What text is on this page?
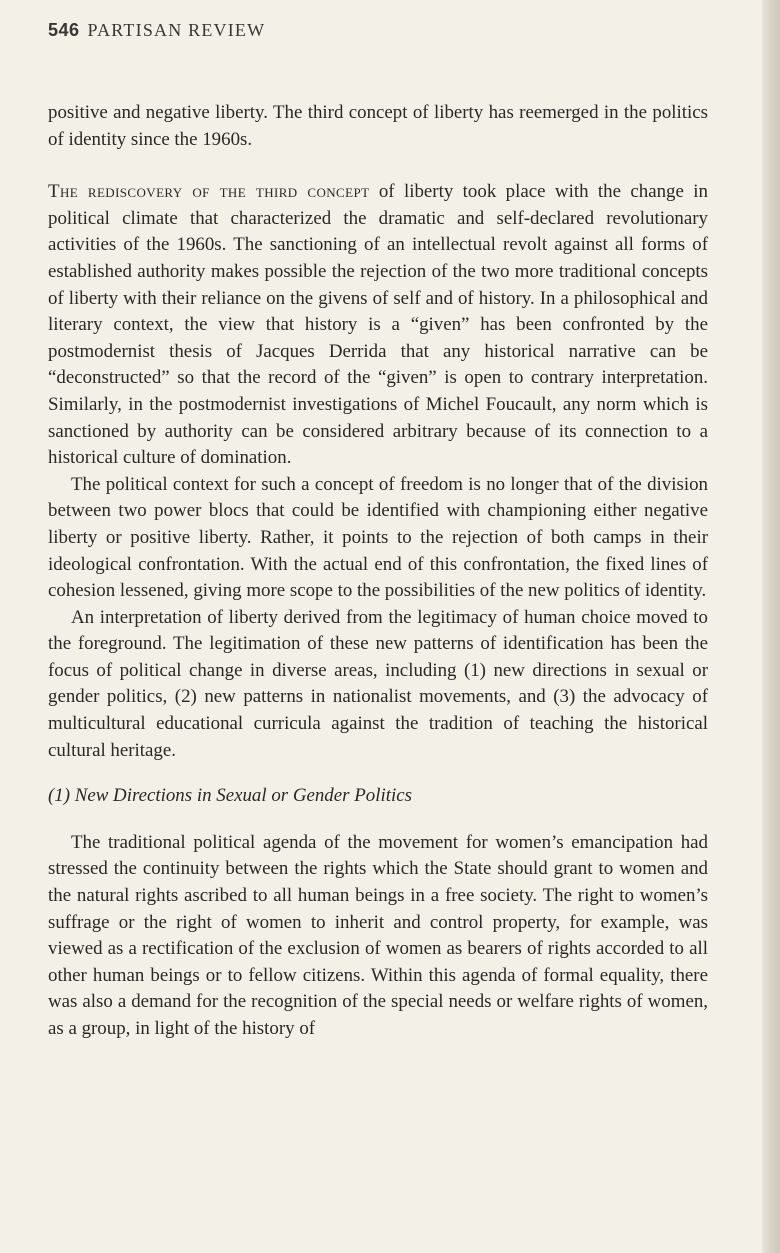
546 PARTISAN REVIEW

positive and negative liberty. The third concept of liberty has reemerged in the politics of identity since the 1960s.

The rediscovery of the third concept of liberty took place with the change in political climate that characterized the dramatic and self-declared revolutionary activities of the 1960s. The sanctioning of an intellectual revolt against all forms of established authority makes possible the rejection of the two more traditional concepts of liberty with their reliance on the givens of self and of history. In a philosophical and literary context, the view that history is a “given” has been confronted by the postmodernist thesis of Jacques Derrida that any historical narrative can be “deconstructed” so that the record of the “given” is open to contrary interpretation. Similarly, in the postmodernist investigations of Michel Foucault, any norm which is sanctioned by authority can be considered arbitrary because of its connection to a historical culture of domination.

The political context for such a concept of freedom is no longer that of the division between two power blocs that could be identified with championing either negative liberty or positive liberty. Rather, it points to the rejection of both camps in their ideological confrontation. With the actual end of this confrontation, the fixed lines of cohesion lessened, giving more scope to the possibilities of the new politics of identity.

An interpretation of liberty derived from the legitimacy of human choice moved to the foreground. The legitimation of these new patterns of identification has been the focus of political change in diverse areas, including (1) new directions in sexual or gender politics, (2) new patterns in nationalist movements, and (3) the advocacy of multicultural educational curricula against the tradition of teaching the historical cultural heritage.

(1) New Directions in Sexual or Gender Politics

The traditional political agenda of the movement for women’s emancipation had stressed the continuity between the rights which the State should grant to women and the natural rights ascribed to all human beings in a free society. The right to women’s suffrage or the right of women to inherit and control property, for example, was viewed as a rectification of the exclusion of women as bearers of rights accorded to all other human beings or to fellow citizens. Within this agenda of formal equality, there was also a demand for the recognition of the special needs or welfare rights of women, as a group, in light of the history of
